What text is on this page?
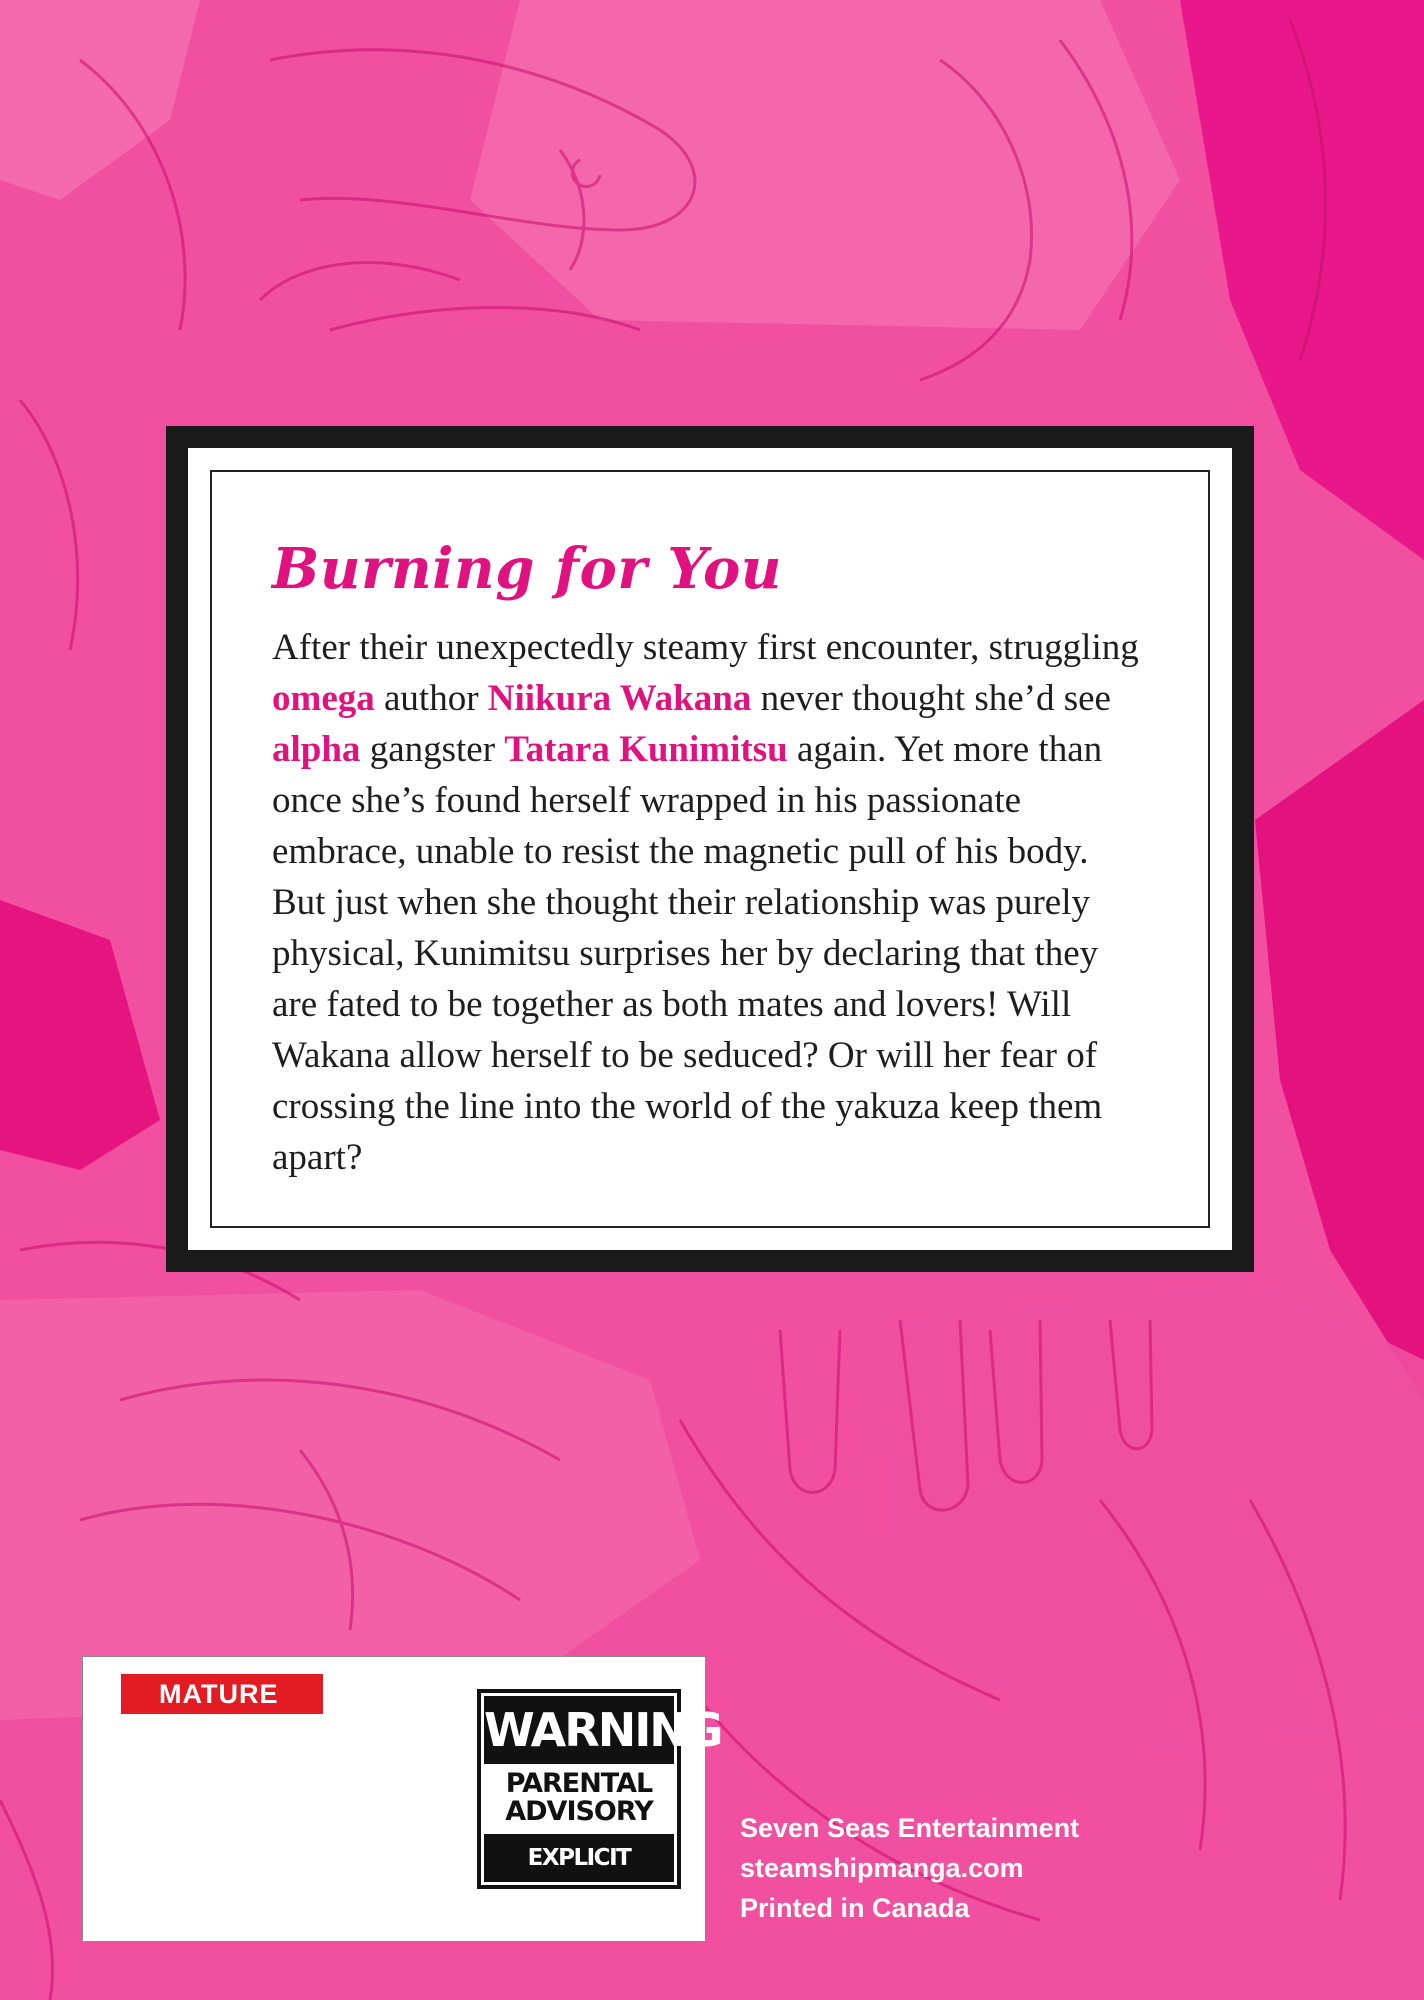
Burning for You

After their unexpectedly steamy first encounter, struggling omega author Niikura Wakana never thought she’d see alpha gangster Tatara Kunimitsu again. Yet more than once she’s found herself wrapped in his passionate embrace, unable to resist the magnetic pull of his body. But just when she thought their relationship was purely physical, Kunimitsu surprises her by declaring that they are fated to be together as both mates and lovers! Will Wakana allow herself to be seduced? Or will her fear of crossing the line into the world of the yakuza keep them apart?

MATURE
WARNING
PARENTAL
ADVISORY
EXPLICIT CONTENT
Seven Seas Entertainment
steamshipmanga.com
Printed in Canada
